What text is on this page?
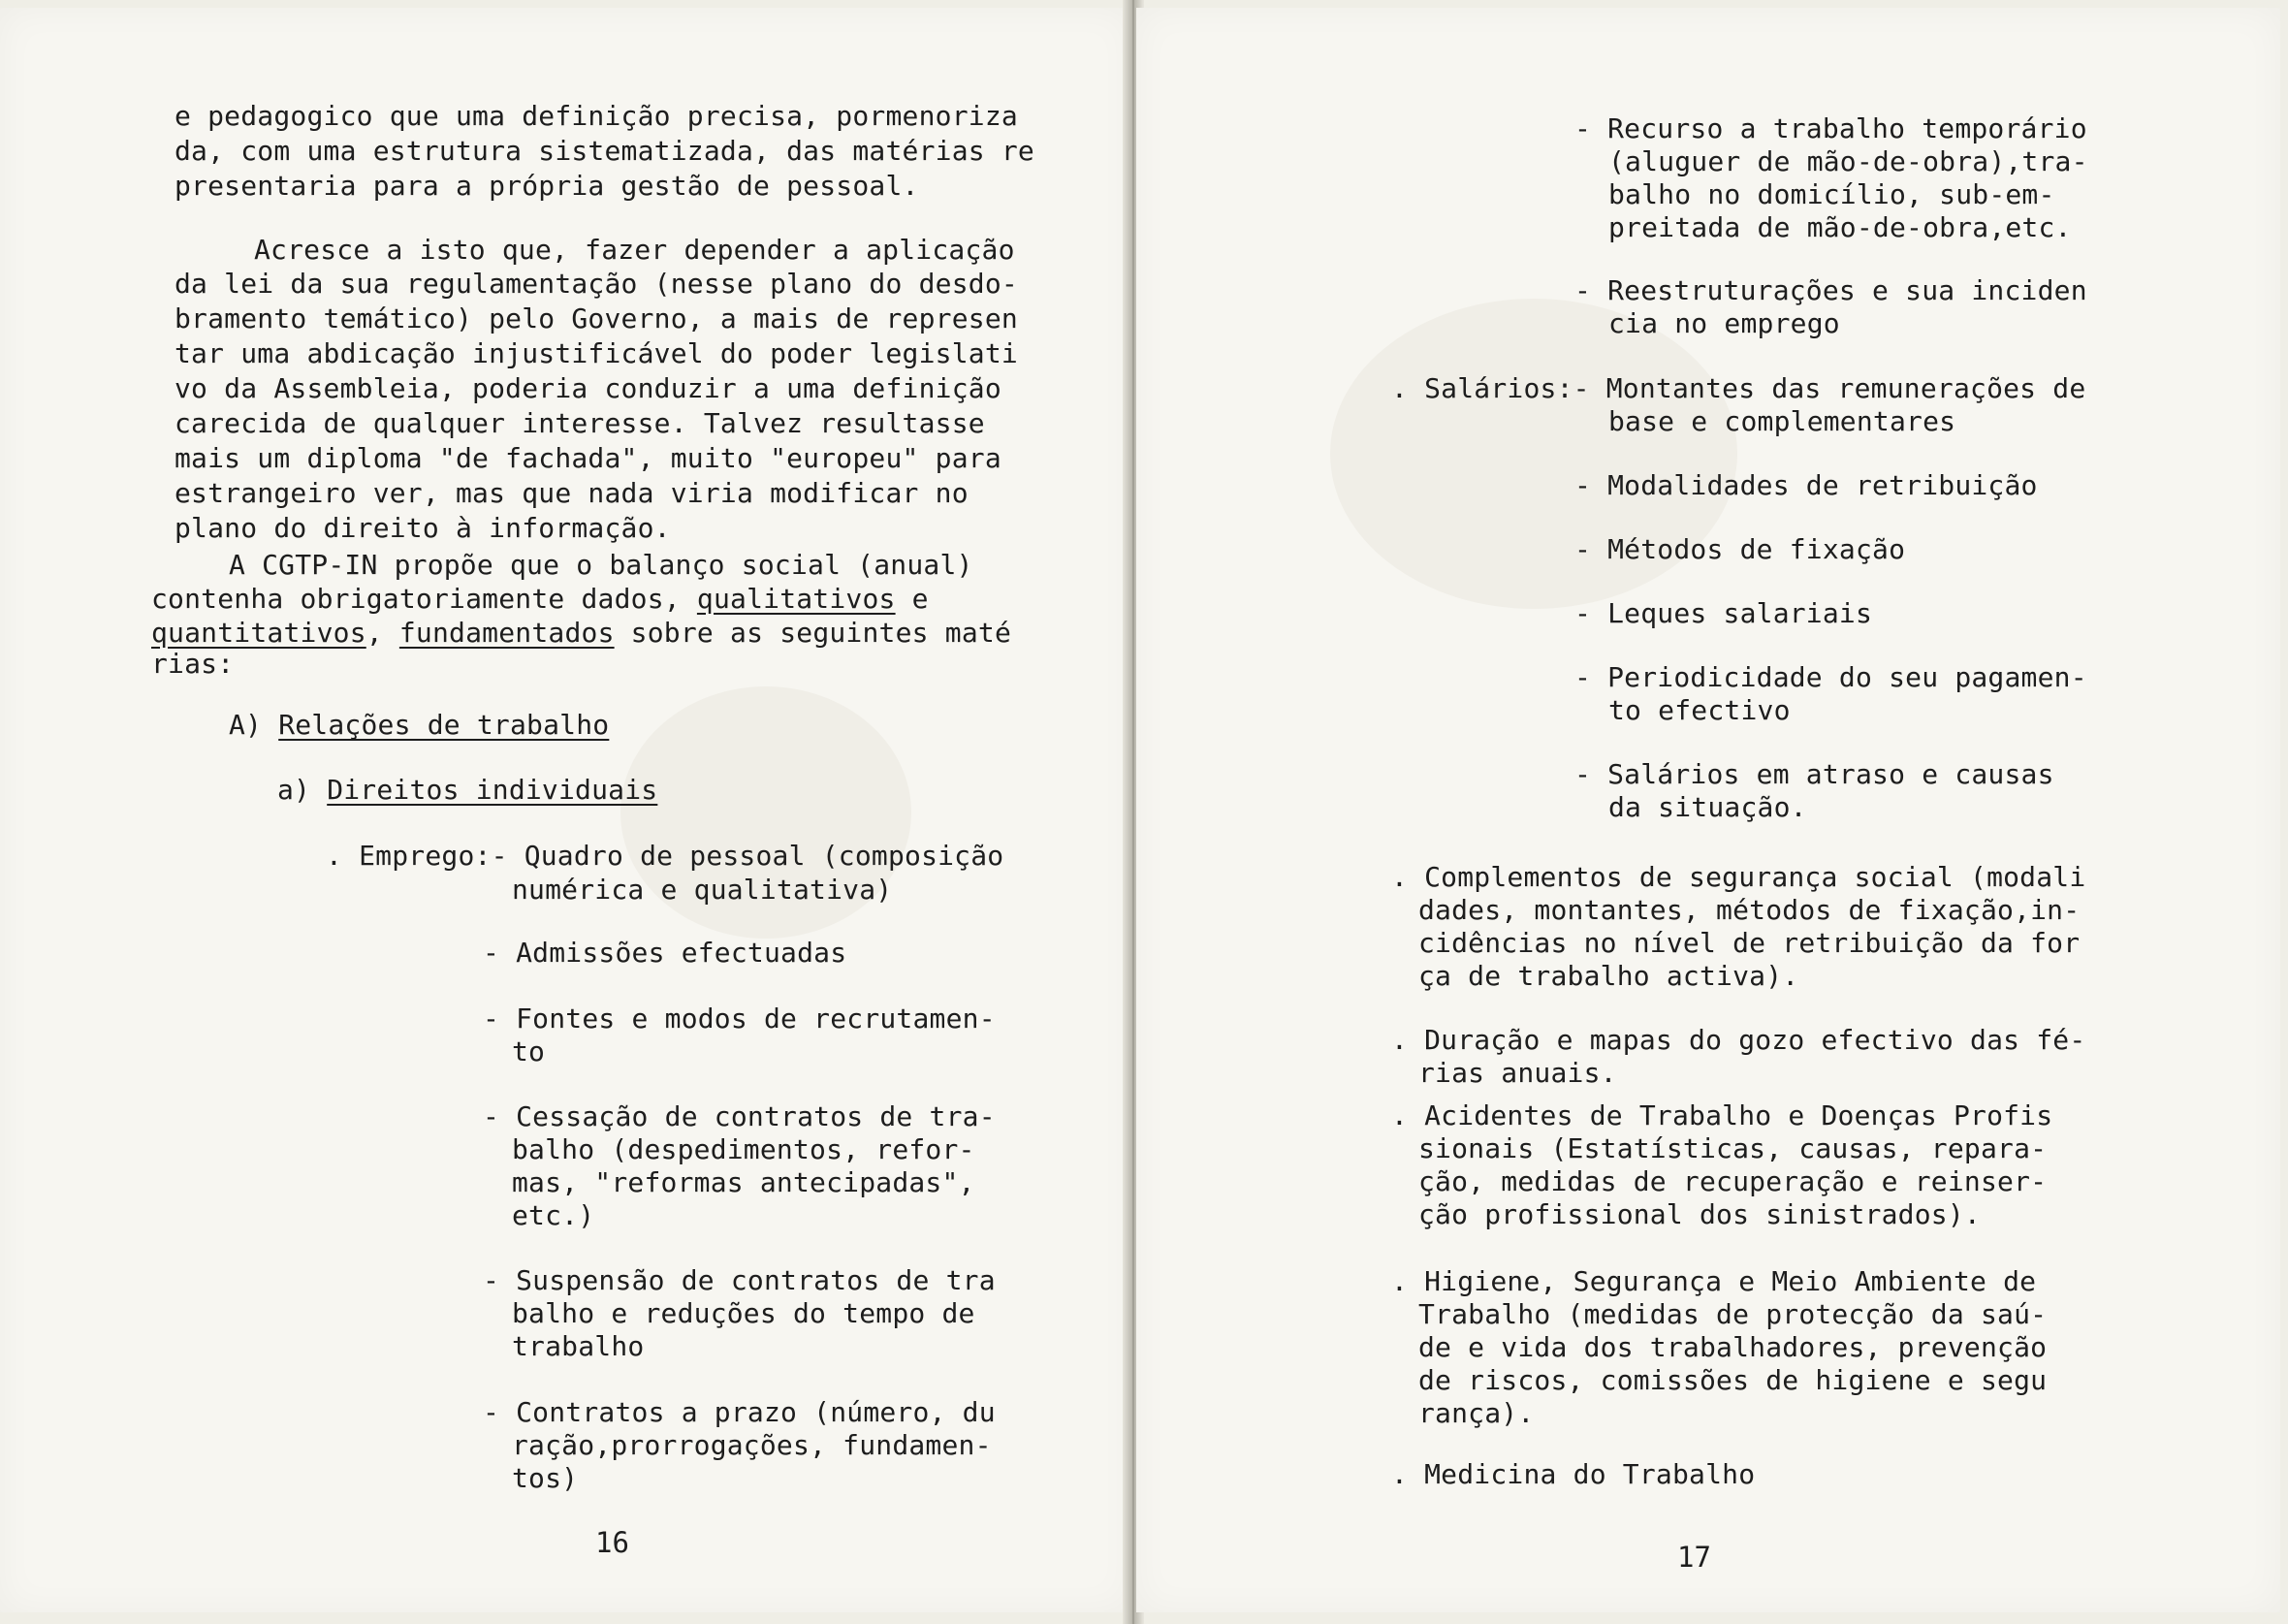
e pedagogico que uma definição precisa, pormenoriza
da, com uma estrutura sistematizada, das matérias re
presentaria para a própria gestão de pessoal.
Acresce a isto que, fazer depender a aplicação
da lei da sua regulamentação (nesse plano do desdo-
bramento temático) pelo Governo, a mais de represen
tar uma abdicação injustificável do poder legislati
vo da Assembleia, poderia conduzir a uma definição
carecida de qualquer interesse. Talvez resultasse
mais um diploma "de fachada", muito "europeu" para
estrangeiro ver, mas que nada viria modificar no
plano do direito à informação.
A CGTP-IN propõe que o balanço social (anual)
contenha obrigatoriamente dados, qualitativos e
quantitativos, fundamentados sobre as seguintes maté
rias:
A) Relações de trabalho
a) Direitos individuais
. Emprego:- Quadro de pessoal (composição
numérica e qualitativa)
- Admissões efectuadas
- Fontes e modos de recrutamen-
to
- Cessação de contratos de tra-
balho (despedimentos, refor-
mas, "reformas antecipadas",
etc.)
- Suspensão de contratos de tra
balho e reduções do tempo de
trabalho
- Contratos a prazo (número, du
ração,prorrogações, fundamen-
tos)
16
- Recurso a trabalho temporário
(aluguer de mão-de-obra),tra-
balho no domicílio, sub-em-
preitada de mão-de-obra,etc.
- Reestruturações e sua inciden
cia no emprego
. Salários:- Montantes das remunerações de
base e complementares
- Modalidades de retribuição
- Métodos de fixação
- Leques salariais
- Periodicidade do seu pagamen-
to efectivo
- Salários em atraso e causas
da situação.
. Complementos de segurança social (modali
dades, montantes, métodos de fixação,in-
cidências no nível de retribuição da for
ça de trabalho activa).
. Duração e mapas do gozo efectivo das fé-
rias anuais.
. Acidentes de Trabalho e Doenças Profis
sionais (Estatísticas, causas, repara-
ção, medidas de recuperação e reinser-
ção profissional dos sinistrados).
. Higiene, Segurança e Meio Ambiente de
Trabalho (medidas de protecção da saú-
de e vida dos trabalhadores, prevenção
de riscos, comissões de higiene e segu
rança).
. Medicina do Trabalho
17
